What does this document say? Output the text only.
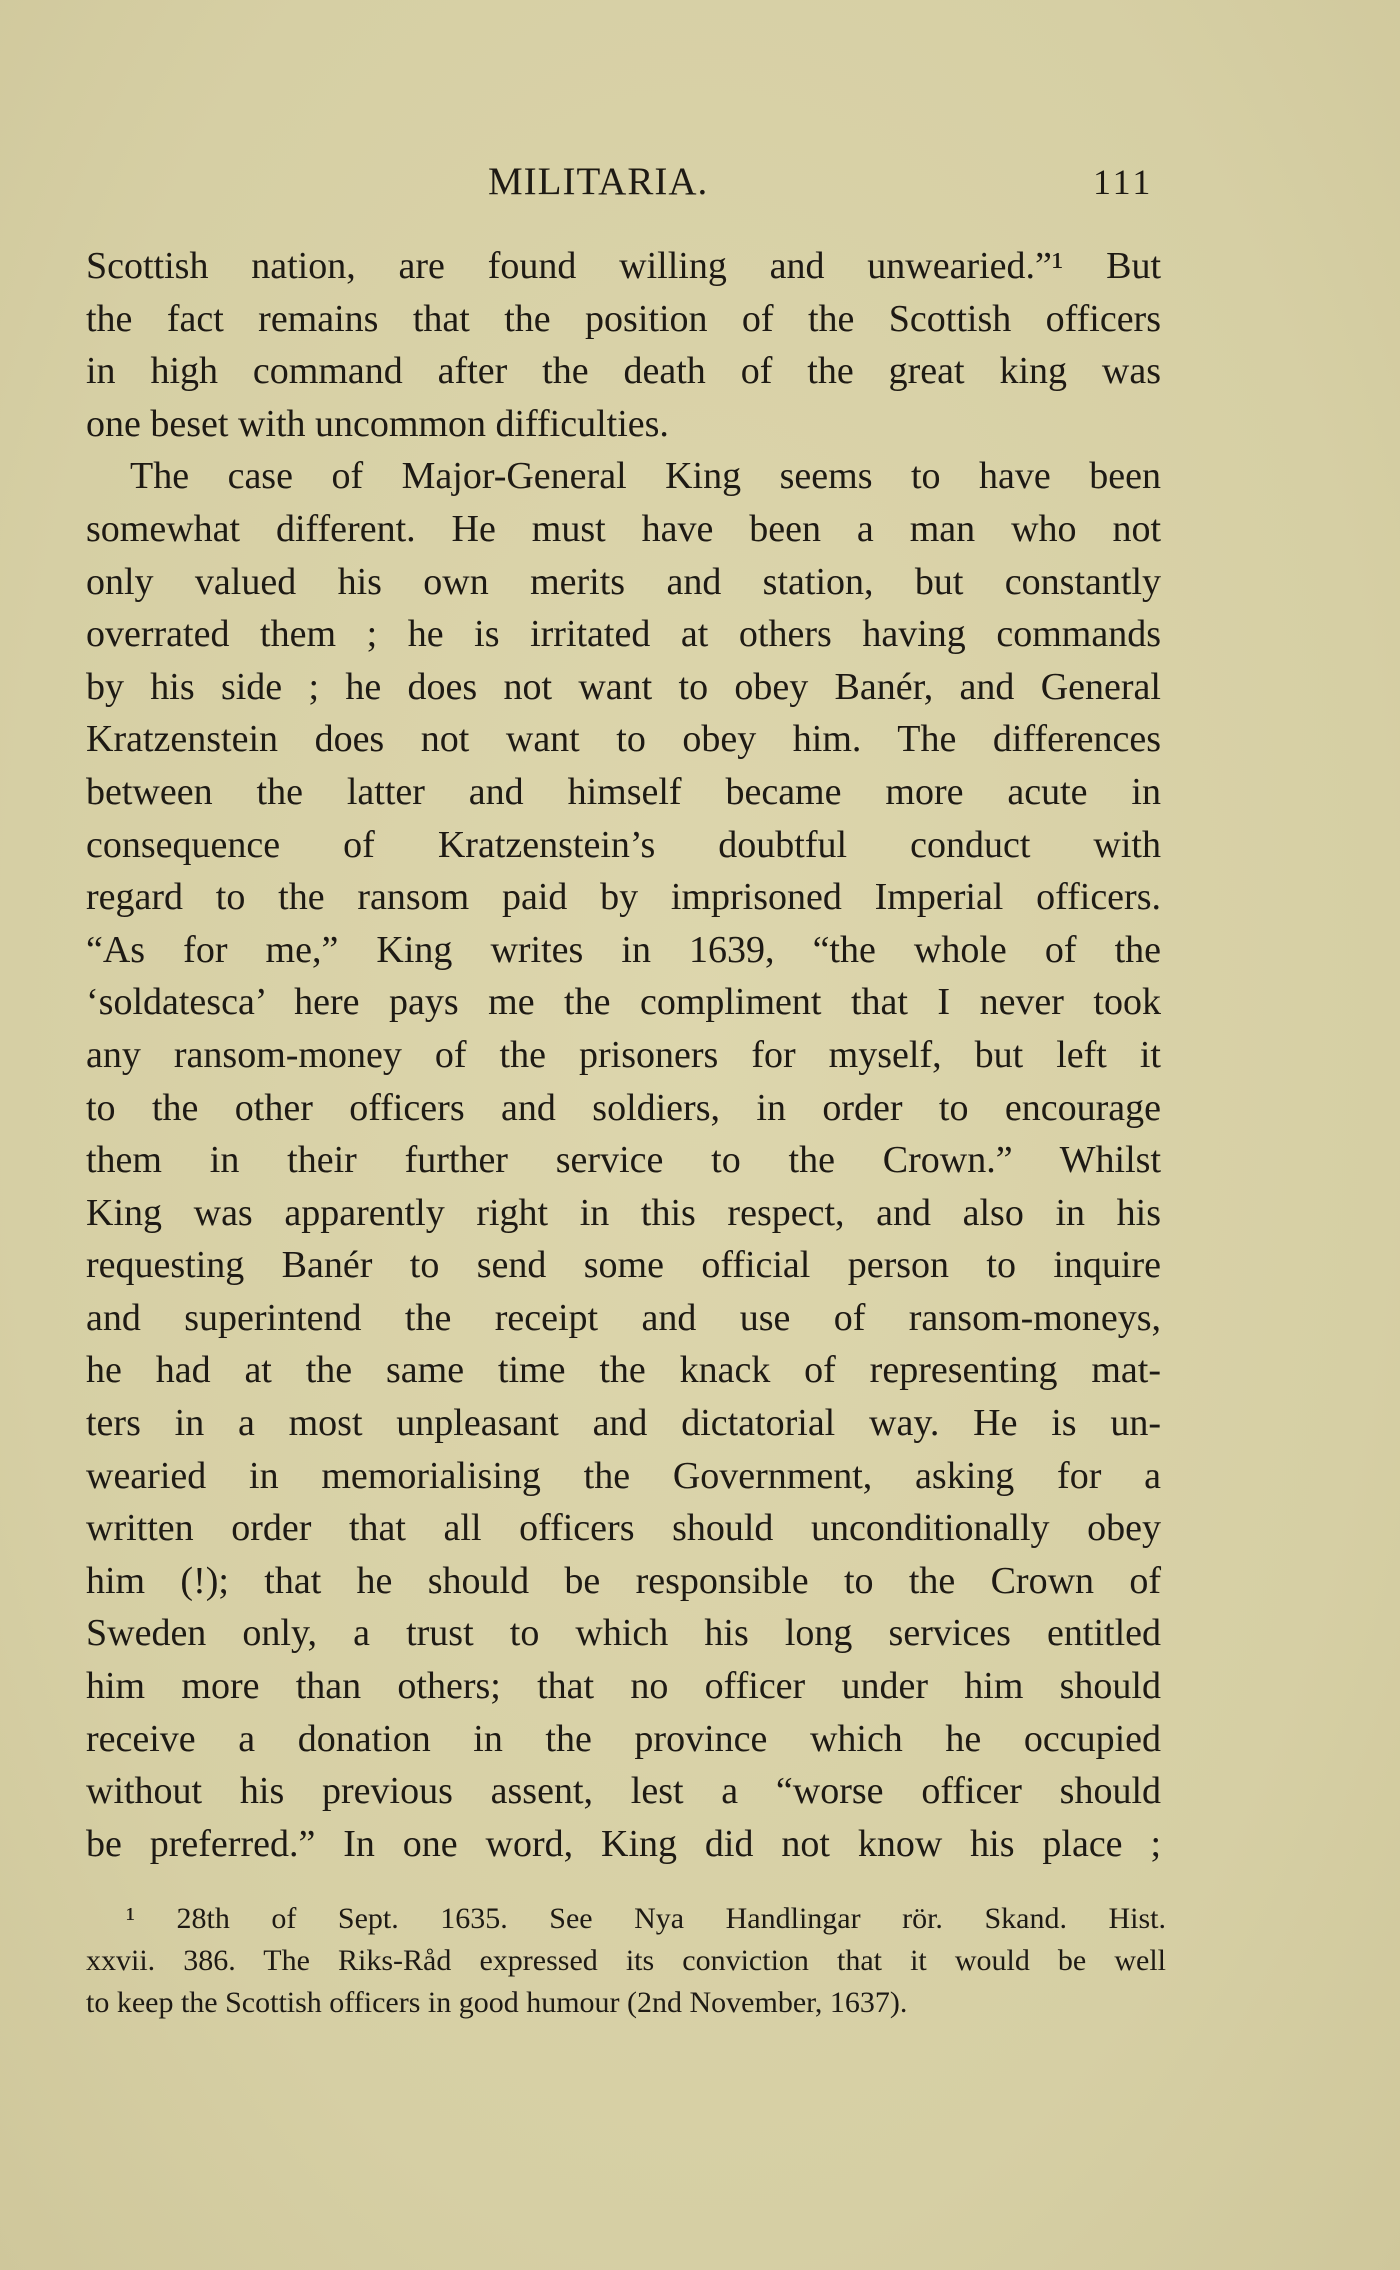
MILITARIA.	111
Scottish nation, are found willing and unwearied.”¹ But
the fact remains that the position of the Scottish officers
in high command after the death of the great king was
one beset with uncommon difficulties.
The case of Major-General King seems to have been
somewhat different. He must have been a man who not
only valued his own merits and station, but constantly
overrated them ; he is irritated at others having commands
by his side ; he does not want to obey Banér, and General
Kratzenstein does not want to obey him. The differences
between the latter and himself became more acute in
consequence of Kratzenstein’s doubtful conduct with
regard to the ransom paid by imprisoned Imperial officers.
“As for me,” King writes in 1639, “the whole of the
‘soldatesca’ here pays me the compliment that I never took
any ransom-money of the prisoners for myself, but left it
to the other officers and soldiers, in order to encourage
them in their further service to the Crown.” Whilst
King was apparently right in this respect, and also in his
requesting Banér to send some official person to inquire
and superintend the receipt and use of ransom-moneys,
he had at the same time the knack of representing mat-
ters in a most unpleasant and dictatorial way. He is un-
wearied in memorialising the Government, asking for a
written order that all officers should unconditionally obey
him (!); that he should be responsible to the Crown of
Sweden only, a trust to which his long services entitled
him more than others; that no officer under him should
receive a donation in the province which he occupied
without his previous assent, lest a “worse officer should
be preferred.” In one word, King did not know his place ;
¹ 28th of Sept. 1635. See Nya Handlingar rör. Skand. Hist.
xxvii. 386. The Riks-Råd expressed its conviction that it would be well
to keep the Scottish officers in good humour (2nd November, 1637).
